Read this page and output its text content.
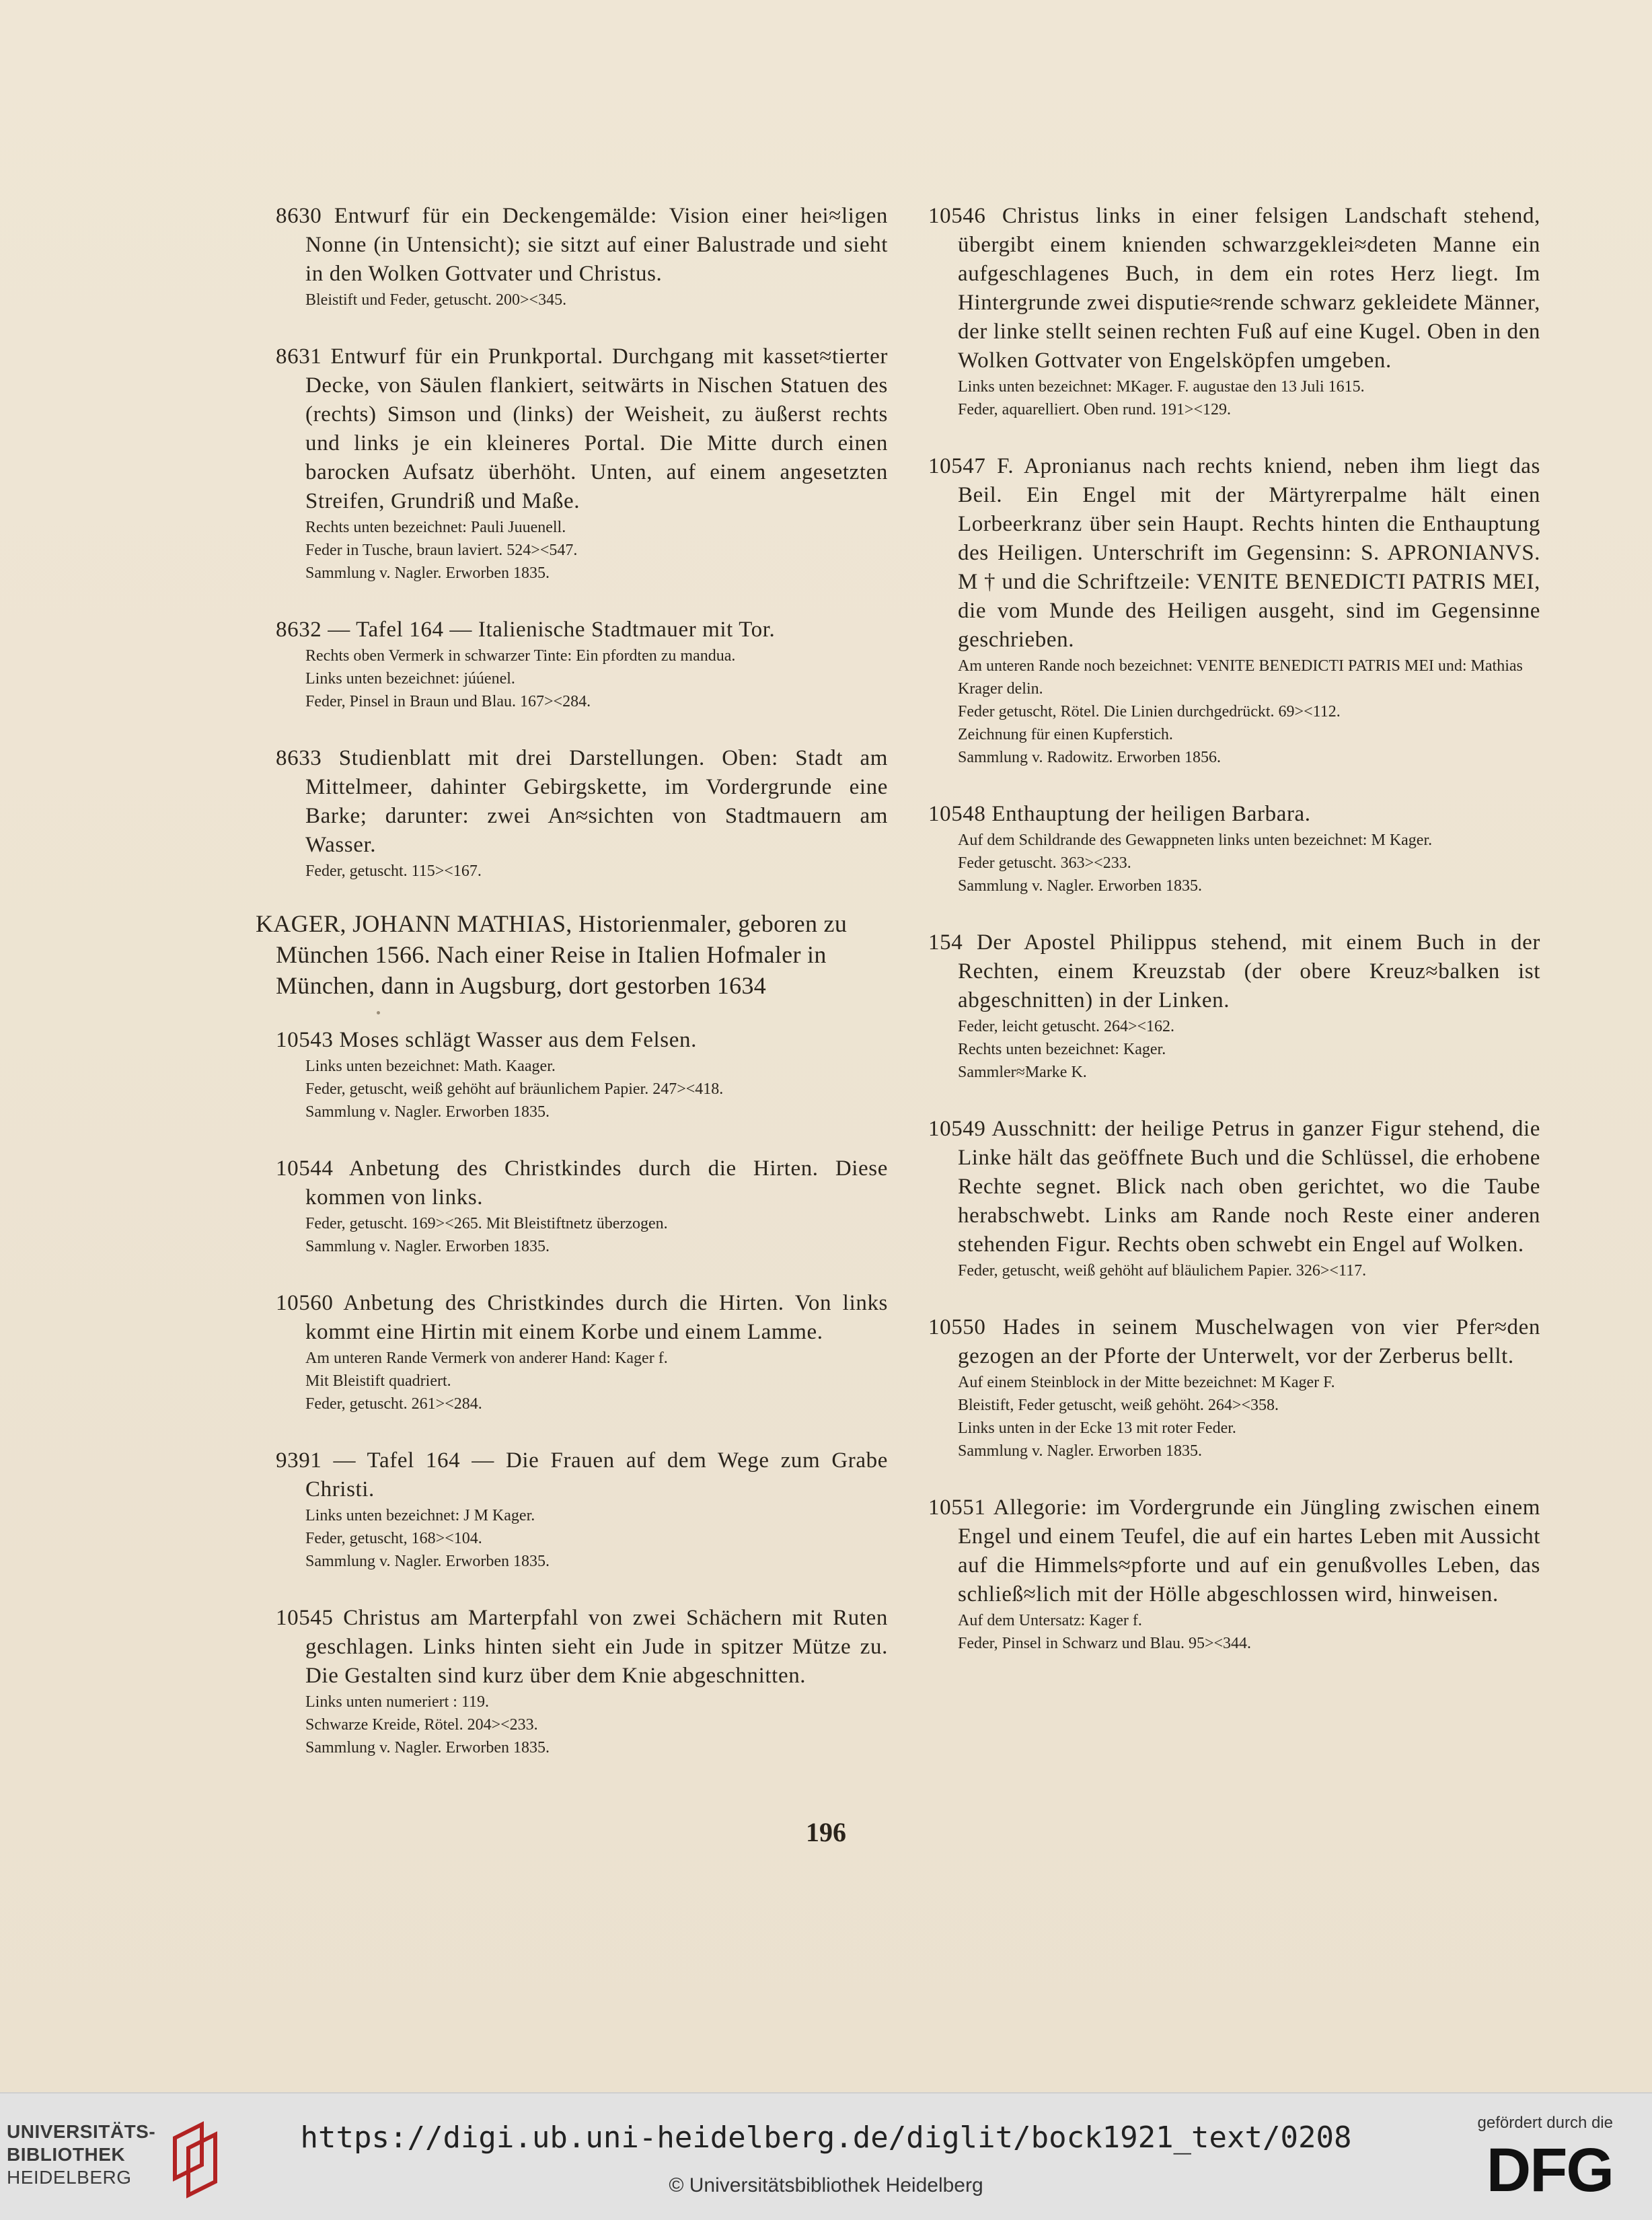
8630 Entwurf für ein Deckengemälde: Vision einer hei≈ligen Nonne (in Untensicht); sie sitzt auf einer Balustrade und sieht in den Wolken Gottvater und Christus.
Bleistift und Feder, getuscht. 200><345.
8631 Entwurf für ein Prunkportal. Durchgang mit kasset≈tierter Decke, von Säulen flankiert, seitwärts in Nischen Statuen des (rechts) Simson und (links) der Weisheit, zu äußerst rechts und links je ein kleineres Portal. Die Mitte durch einen barocken Aufsatz überhöht. Unten, auf einem angesetzten Streifen, Grundriß und Maße.
Rechts unten bezeichnet: Pauli Juuenell.
Feder in Tusche, braun laviert. 524><547.
Sammlung v. Nagler. Erworben 1835.
8632 — Tafel 164 — Italienische Stadtmauer mit Tor.
Rechts oben Vermerk in schwarzer Tinte: Ein pfordten zu mandua.
Links unten bezeichnet: júúenel.
Feder, Pinsel in Braun und Blau. 167><284.
8633 Studienblatt mit drei Darstellungen. Oben: Stadt am Mittelmeer, dahinter Gebirgskette, im Vordergrunde eine Barke; darunter: zwei An≈sichten von Stadtmauern am Wasser.
Feder, getuscht. 115><167.
KAGER, JOHANN MATHIAS, Historienmaler, geboren zu München 1566. Nach einer Reise in Italien Hofmaler in München, dann in Augsburg, dort gestorben 1634
10543 Moses schlägt Wasser aus dem Felsen.
Links unten bezeichnet: Math. Kaager.
Feder, getuscht, weiß gehöht auf bräunlichem Papier. 247><418.
Sammlung v. Nagler. Erworben 1835.
10544 Anbetung des Christkindes durch die Hirten. Diese kommen von links.
Feder, getuscht. 169><265. Mit Bleistiftnetz überzogen.
Sammlung v. Nagler. Erworben 1835.
10560 Anbetung des Christkindes durch die Hirten. Von links kommt eine Hirtin mit einem Korbe und einem Lamme.
Am unteren Rande Vermerk von anderer Hand: Kager f.
Mit Bleistift quadriert.
Feder, getuscht. 261><284.
9391 — Tafel 164 — Die Frauen auf dem Wege zum Grabe Christi.
Links unten bezeichnet: J M Kager.
Feder, getuscht, 168><104.
Sammlung v. Nagler. Erworben 1835.
10545 Christus am Marterpfahl von zwei Schächern mit Ruten geschlagen. Links hinten sieht ein Jude in spitzer Mütze zu. Die Gestalten sind kurz über dem Knie abgeschnitten.
Links unten numeriert : 119.
Schwarze Kreide, Rötel. 204><233.
Sammlung v. Nagler. Erworben 1835.
10546 Christus links in einer felsigen Landschaft stehend, übergibt einem knienden schwarzgeklei≈deten Manne ein aufgeschlagenes Buch, in dem ein rotes Herz liegt. Im Hintergrunde zwei disputie≈rende schwarz gekleidete Männer, der linke stellt seinen rechten Fuß auf eine Kugel. Oben in den Wolken Gottvater von Engelsköpfen umgeben.
Links unten bezeichnet: MKager. F. augustae den 13 Juli 1615.
Feder, aquarelliert. Oben rund. 191><129.
10547 F. Apronianus nach rechts kniend, neben ihm liegt das Beil. Ein Engel mit der Märtyrerpalme hält einen Lorbeerkranz über sein Haupt. Rechts hinten die Enthauptung des Heiligen. Unterschrift im Gegensinn: S. APRONIANVS. M † und die Schriftzeile: VENITE BENEDICTI PATRIS MEI, die vom Munde des Heiligen ausgeht, sind im Gegensinne geschrieben.
Am unteren Rande noch bezeichnet: VENITE BENEDICTI PATRIS MEI und: Mathias Krager delin.
Feder getuscht, Rötel. Die Linien durchgedrückt. 69><112.
Zeichnung für einen Kupferstich.
Sammlung v. Radowitz. Erworben 1856.
10548 Enthauptung der heiligen Barbara.
Auf dem Schildrande des Gewappneten links unten bezeichnet: M Kager.
Feder getuscht. 363><233.
Sammlung v. Nagler. Erworben 1835.
154 Der Apostel Philippus stehend, mit einem Buch in der Rechten, einem Kreuzstab (der obere Kreuz≈balken ist abgeschnitten) in der Linken.
Feder, leicht getuscht. 264><162.
Rechts unten bezeichnet: Kager.
Sammler≈Marke K.
10549 Ausschnitt: der heilige Petrus in ganzer Figur stehend, die Linke hält das geöffnete Buch und die Schlüssel, die erhobene Rechte segnet. Blick nach oben gerichtet, wo die Taube herabschwebt. Links am Rande noch Reste einer anderen stehenden Figur. Rechts oben schwebt ein Engel auf Wolken.
Feder, getuscht, weiß gehöht auf bläulichem Papier. 326><117.
10550 Hades in seinem Muschelwagen von vier Pfer≈den gezogen an der Pforte der Unterwelt, vor der Zerberus bellt.
Auf einem Steinblock in der Mitte bezeichnet: M Kager F.
Bleistift, Feder getuscht, weiß gehöht. 264><358.
Links unten in der Ecke 13 mit roter Feder.
Sammlung v. Nagler. Erworben 1835.
10551 Allegorie: im Vordergrunde ein Jüngling zwischen einem Engel und einem Teufel, die auf ein hartes Leben mit Aussicht auf die Himmels≈pforte und auf ein genußvolles Leben, das schließ≈lich mit der Hölle abgeschlossen wird, hinweisen.
Auf dem Untersatz: Kager f.
Feder, Pinsel in Schwarz und Blau. 95><344.
196
UNIVERSITÄTS-
BIBLIOTHEK
HEIDELBERG
https://digi.ub.uni-heidelberg.de/diglit/bock1921_text/0208
© Universitätsbibliothek Heidelberg
gefördert durch die
DFG
